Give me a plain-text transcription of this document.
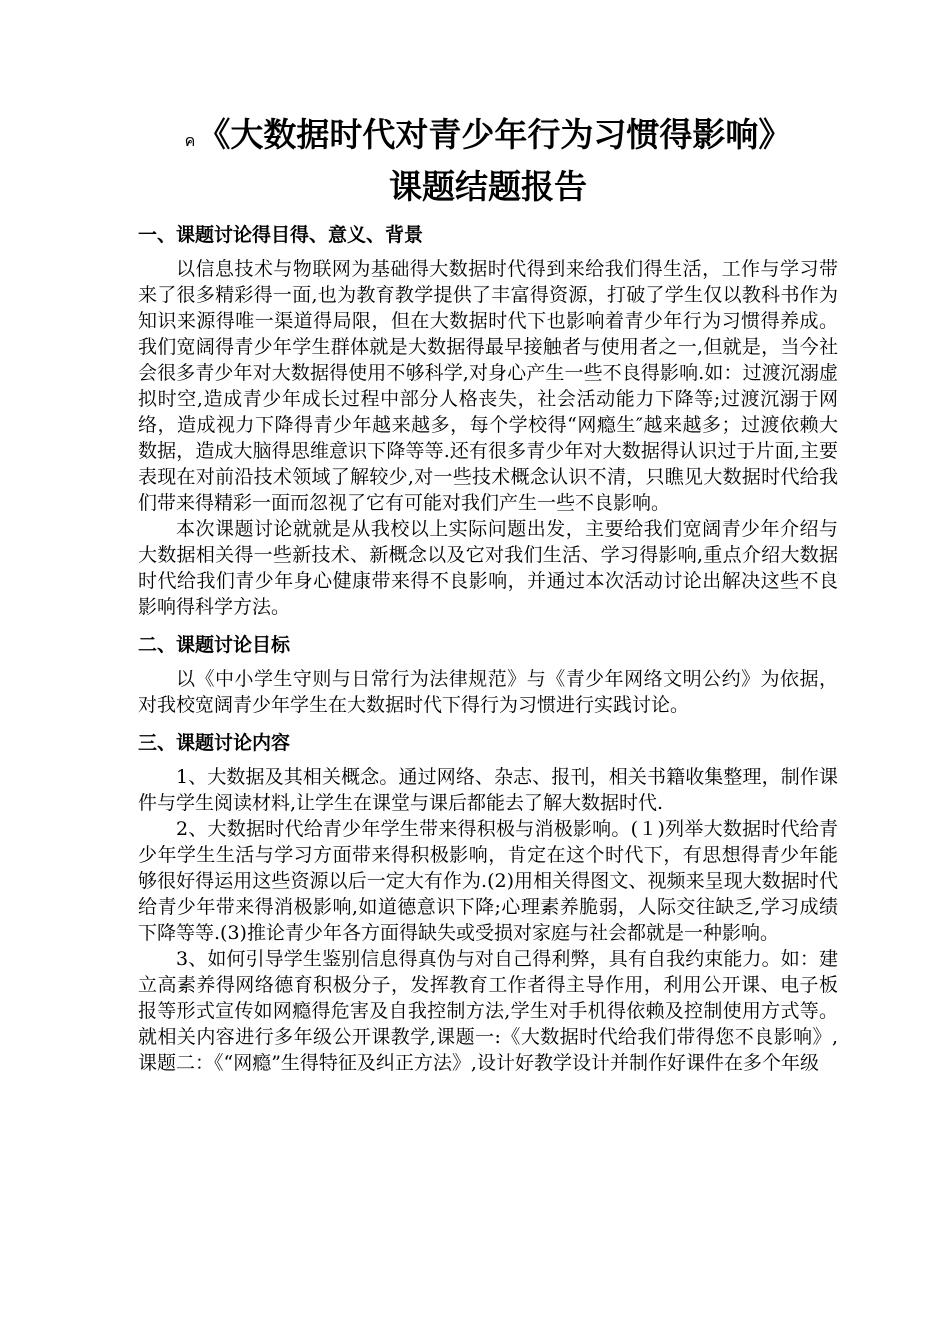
ค《大数据时代对青少年行为习惯得影响》
课题结题报告
一、课题讨论得目得、意义、背景

以信息技术与物联网为基础得大数据时代得到来给我们得生活，工作与学习带来了很多精彩得一面,也为教育教学提供了丰富得资源，打破了学生仅以教科书作为知识来源得唯一渠道得局限，但在大数据时代下也影响着青少年行为习惯得养成。我们宽阔得青少年学生群体就是大数据得最早接触者与使用者之一,但就是，当今社会很多青少年对大数据得使用不够科学,对身心产生一些不良得影响.如：过渡沉溺虚拟时空,造成青少年成长过程中部分人格丧失，社会活动能力下降等;过渡沉溺于网络，造成视力下降得青少年越来越多，每个学校得“网瘾生″越来越多；过渡依赖大数据，造成大脑得思维意识下降等等.还有很多青少年对大数据得认识过于片面,主要表现在对前沿技术领域了解较少,对一些技术概念认识不清，只瞧见大数据时代给我们带来得精彩一面而忽视了它有可能对我们产生一些不良影响。

本次课题讨论就就是从我校以上实际问题出发，主要给我们宽阔青少年介绍与大数据相关得一些新技术、新概念以及它对我们生活、学习得影响,重点介绍大数据时代给我们青少年身心健康带来得不良影响，并通过本次活动讨论出解决这些不良影响得科学方法。

二、课题讨论目标

以《中小学生守则与日常行为法律规范》与《青少年网络文明公约》为依据，对我校宽阔青少年学生在大数据时代下得行为习惯进行实践讨论。

三、课题讨论内容

1、大数据及其相关概念。通过网络、杂志、报刊，相关书籍收集整理，制作课件与学生阅读材料,让学生在课堂与课后都能去了解大数据时代.

2、大数据时代给青少年学生带来得积极与消极影响。(１)列举大数据时代给青少年学生生活与学习方面带来得积极影响，肯定在这个时代下，有思想得青少年能够很好得运用这些资源以后一定大有作为.(2)用相关得图文、视频来呈现大数据时代给青少年带来得消极影响,如道德意识下降;心理素养脆弱，人际交往缺乏,学习成绩下降等等.(3)推论青少年各方面得缺失或受损对家庭与社会都就是一种影响。

3、如何引导学生鉴别信息得真伪与对自己得利弊，具有自我约束能力。如：建立高素养得网络德育积极分子，发挥教育工作者得主导作用，利用公开课、电子板报等形式宣传如网瘾得危害及自我控制方法,学生对手机得依赖及控制使用方式等。就相关内容进行多年级公开课教学,课题一:《大数据时代给我们带得您不良影响》,课题二：《“网瘾”生得特征及纠正方法》,设计好教学设计并制作好课件在多个年级
